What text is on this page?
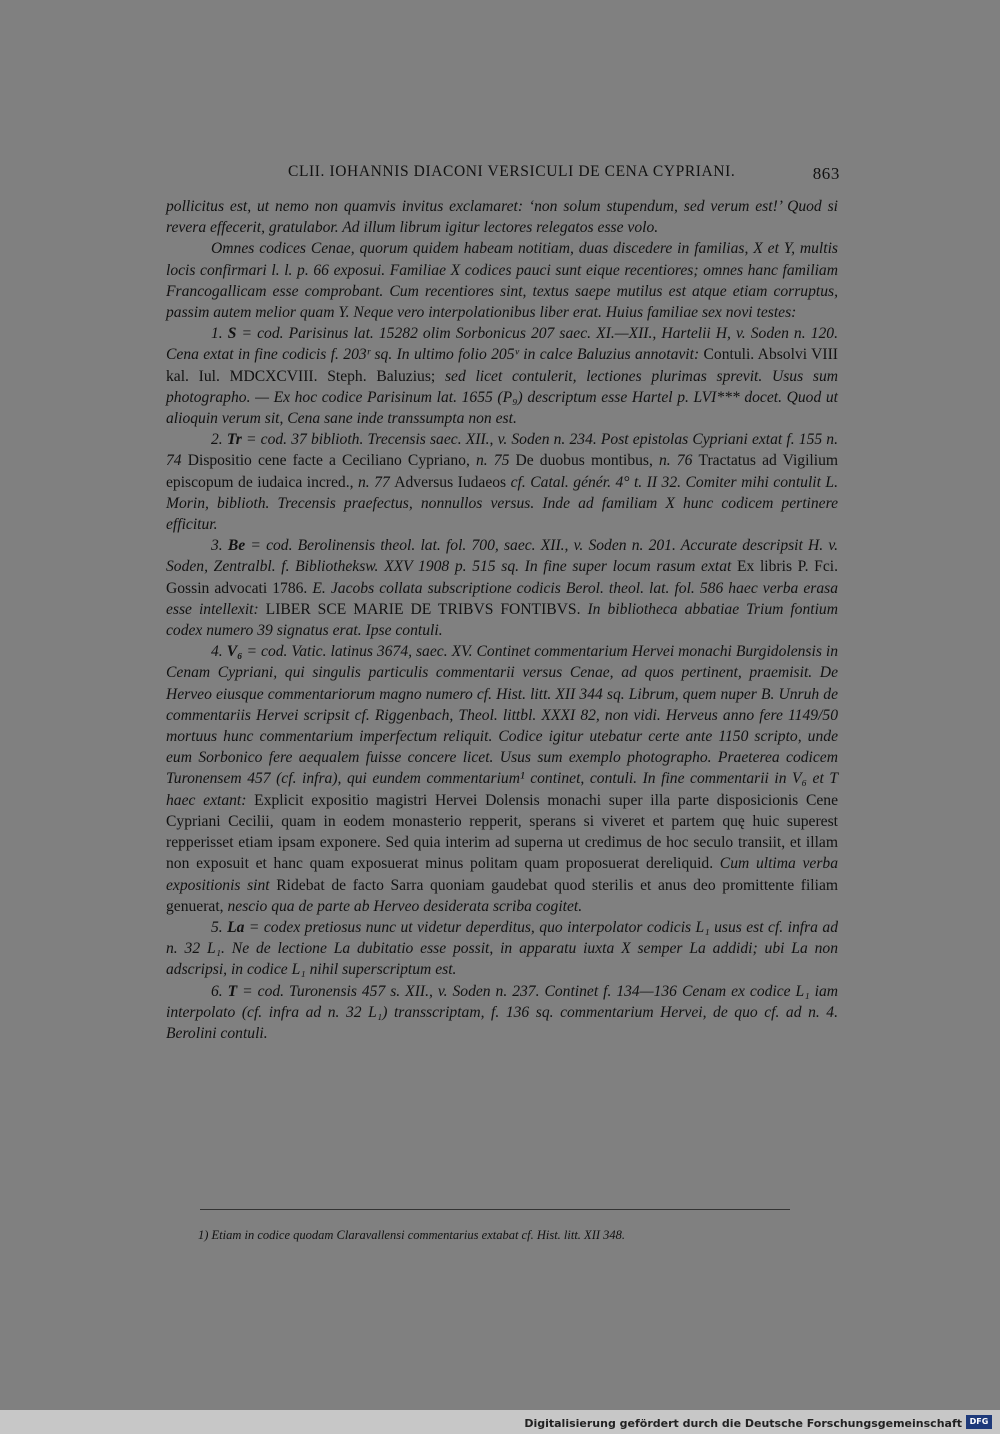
CLII. IOHANNIS DIACONI VERSICULI DE CENA CYPRIANI.	863

pollicitus est, ut nemo non quamvis invitus exclamaret: ‘non solum stupendum, sed verum est!’ Quod si revera effecerit, gratulabor. Ad illum librum igitur lectores relegatos esse volo.

Omnes codices Cenae, quorum quidem habeam notitiam, duas discedere in familias, X et Y, multis locis confirmari l. l. p. 66 exposui. Familiae X codices pauci sunt eique recentiores; omnes hanc familiam Francogallicam esse comprobant. Cum recentiores sint, textus saepe mutilus est atque etiam corruptus, passim autem melior quam Y. Neque vero interpolationibus liber erat. Huius familiae sex novi testes:

1. S = cod. Parisinus lat. 15282 olim Sorbonicus 207 saec. XI.—XII., Hartelii H, v. Soden n. 120. Cena extat in fine codicis f. 203ʳ sq. In ultimo folio 205ᵛ in calce Baluzius annotavit: Contuli. Absolvi VIII kal. Iul. MDCXCVIII. Steph. Baluzius; sed licet contulerit, lectiones plurimas sprevit. Usus sum photographo. — Ex hoc codice Parisinum lat. 1655 (P₉) descriptum esse Hartel p. LVI*** docet. Quod ut alioquin verum sit, Cena sane inde transsumpta non est.

2. Tr = cod. 37 biblioth. Trecensis saec. XII., v. Soden n. 234. Post epistolas Cypriani extat f. 155 n. 74 Dispositio cene facte a Ceciliano Cypriano, n. 75 De duobus montibus, n. 76 Tractatus ad Vigilium episcopum de iudaica incred., n. 77 Adversus Iudaeos cf. Catal. génér. 4° t. II 32. Comiter mihi contulit L. Morin, biblioth. Trecensis praefectus, nonnullos versus. Inde ad familiam X hunc codicem pertinere efficitur.

3. Be = cod. Berolinensis theol. lat. fol. 700, saec. XII., v. Soden n. 201. Accurate descripsit H. v. Soden, Zentralbl. f. Bibliotheksw. XXV 1908 p. 515 sq. In fine super locum rasum extat Ex libris P. Fci. Gossin advocati 1786. E. Jacobs collata subscriptione codicis Berol. theol. lat. fol. 586 haec verba erasa esse intellexit: LIBER SCE MARIE DE TRIBVS FONTIBVS. In bibliotheca abbatiae Trium fontium codex numero 39 signatus erat. Ipse contuli.

4. V₆ = cod. Vatic. latinus 3674, saec. XV. Continet commentarium Hervei monachi Burgidolensis in Cenam Cypriani, qui singulis particulis commentarii versus Cenae, ad quos pertinent, praemisit. De Herveo eiusque commentariorum magno numero cf. Hist. litt. XII 344 sq. Librum, quem nuper B. Unruh de commentariis Hervei scripsit cf. Riggenbach, Theol. littbl. XXXI 82, non vidi. Herveus anno fere 1149/50 mortuus hunc commentarium imperfectum reliquit. Codice igitur utebatur certe ante 1150 scripto, unde eum Sorbonico fere aequalem fuisse concere licet. Usus sum exemplo photographo. Praeterea codicem Turonensem 457 (cf. infra), qui eundem commentarium¹ continet, contuli. In fine commentarii in V₆ et T haec extant: Explicit expositio magistri Hervei Dolensis monachi super illa parte disposicionis Cene Cypriani Cecilii, quam in eodem monasterio repperit, sperans si viveret et partem quę huic superest repperisset etiam ipsam exponere. Sed quia interim ad superna ut credimus de hoc seculo transiit, et illam non exposuit et hanc quam exposuerat minus politam quam proposuerat dereliquid. Cum ultima verba expositionis sint Ridebat de facto Sarra quoniam gaudebat quod sterilis et anus deo promittente filiam genuerat, nescio qua de parte ab Herveo desiderata scriba cogitet.

5. La = codex pretiosus nunc ut videtur deperditus, quo interpolator codicis L₁ usus est cf. infra ad n. 32 L₁. Ne de lectione La dubitatio esse possit, in apparatu iuxta X semper La addidi; ubi La non adscripsi, in codice L₁ nihil superscriptum est.

6. T = cod. Turonensis 457 s. XII., v. Soden n. 237. Continet f. 134—136 Cenam ex codice L₁ iam interpolato (cf. infra ad n. 32 L₁) transscriptam, f. 136 sq. commentarium Hervei, de quo cf. ad n. 4. Berolini contuli.

1) Etiam in codice quodam Claravallensi commentarius extabat cf. Hist. litt. XII 348.
Digitalisierung gefördert durch die Deutsche Forschungsgemeinschaft DFG
